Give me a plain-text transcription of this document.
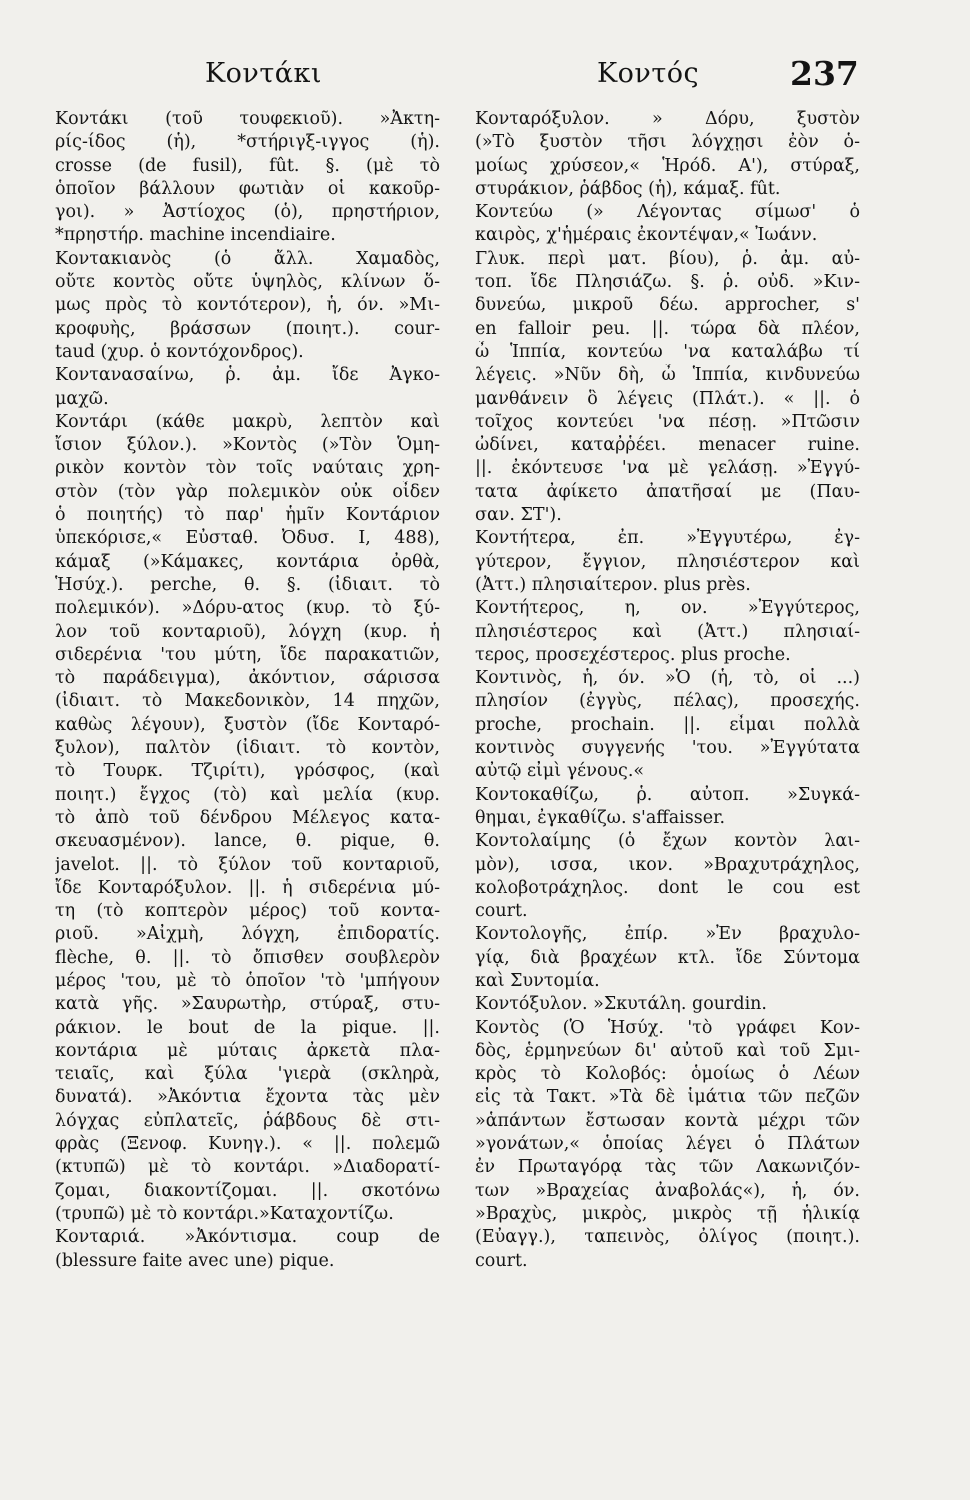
Κοντάκι	Κοντός	237
Κοντάκι (τοῦ τουφεκιοῦ). »Ἀκτη-
ρίς-ίδος (ἡ), *στήριγξ-ιγγος (ἡ).
crosse (de fusil), fût. §. (μὲ τὸ
ὁποῖον βάλλουν φωτιὰν οἱ κακοῦρ-
γοι). » Ἀστίοχος (ὁ), πρηστήριον,
*πρηστήρ. machine incendiaire.
Κοντακιανὸς (ὁ ἄλλ. Χαμαδὸς,
οὔτε κοντὸς οὔτε ὑψηλὸς, κλίνων ὅ-
μως πρὸς τὸ κοντότερον), ἡ, όν. »Μι-
κροφυὴς, βράσσων (ποιητ.). cour-
taud (χυρ. ὁ κοντόχονδρος).
Κοντανασαίνω, ῥ. ἀμ. ἴδε Ἀγκο-
μαχῶ.
Κοντάρι (κάθε μακρὺ, λεπτὸν καὶ
ἴσιον ξύλον.). »Κοντὸς (»Τὸν Ὁμη-
ρικὸν κοντὸν τὸν τοῖς ναύταις χρη-
στὸν (τὸν γὰρ πολεμικὸν οὐκ οἶδεν
ὁ ποιητής) τὸ παρ' ἡμῖν Κοντάριον
ὑπεκόρισε,« Εὐσταθ. Ὀδυσ. I, 488),
κάμαξ (»Κάμακες, κοντάρια ὀρθὰ,
Ἡσύχ.). perche, θ. §. (ἰδιαιτ. τὸ
πολεμικόν). »Δόρυ-ατος (κυρ. τὸ ξύ-
λον τοῦ κονταριοῦ), λόγχη (κυρ. ἡ
σιδερένια 'του μύτη, ἴδε παρακατιῶν,
τὸ παράδειγμα), ἀκόντιον, σάρισσα
(ἰδιαιτ. τὸ Μακεδονικὸν, 14 πηχῶν,
καθὼς λέγουν), ξυστὸν (ἴδε Κονταρό-
ξυλον), παλτὸν (ἰδιαιτ. τὸ κοντὸν,
τὸ Τουρκ. Τζιρίτι), γρόσφος, (καὶ
ποιητ.) ἔγχος (τὸ) καὶ μελία (κυρ.
τὸ ἀπὸ τοῦ δένδρου Μέλεγος κατα-
σκευασμένον). lance, θ. pique, θ.
javelot. ||. τὸ ξύλον τοῦ κονταριοῦ,
ἴδε Κονταρόξυλον. ||. ἡ σιδερένια μύ-
τη (τὸ κοπτερὸν μέρος) τοῦ κοντα-
ριοῦ. »Αἰχμὴ, λόγχη, ἐπιδορατίς.
flèche, θ. ||. τὸ ὄπισθεν σουβλερὸν
μέρος 'του, μὲ τὸ ὁποῖον 'τὸ 'μπήγουν
κατὰ γῆς. »Σαυρωτὴρ, στύραξ, στυ-
ράκιον. le bout de la pique. ||.
κοντάρια μὲ μύταις ἀρκετὰ πλα-
τειαῖς, καὶ ξύλα 'γιερὰ (σκληρὰ,
δυνατά). »Ἀκόντια ἔχοντα τὰς μὲν
λόγχας εὐπλατεῖς, ῥάβδους δὲ στι-
φρὰς (Ξενοφ. Κυνηγ.). « ||. πολεμῶ
(κτυπῶ) μὲ τὸ κοντάρι. »Διαδορατί-
ζομαι, διακοντίζομαι. ||. σκοτόνω
(τρυπῶ) μὲ τὸ κοντάρι.»Καταχοντίζω.
Κονταριά. »Ἀκόντισμα. coup de
(blessure faite avec une) pique.
Κονταρόξυλον. » Δόρυ, ξυστὸν
(»Τὸ ξυστὸν τῆσι λόγχῃσι ἐὸν ὁ-
μοίως χρύσεον,« Ἡρόδ. Α'), στύραξ,
στυράκιον, ῥάβδος (ἡ), κάμαξ. fût.
Κοντεύω (» Λέγοντας σίμωσ' ὁ
καιρὸς, χ'ἡμέραις ἐκοντέψαν,« Ἰωάνν.
Γλυκ. περὶ ματ. βίου), ῥ. ἀμ. αὐ-
τοπ. ἴδε Πλησιάζω. §. ῥ. οὐδ. »Κιν-
δυνεύω, μικροῦ δέω. approcher, s'
en falloir peu. ||. τώρα δὰ πλέον,
ὦ Ἱππία, κοντεύω 'να καταλάβω τί
λέγεις. »Νῦν δὴ, ὦ Ἱππία, κινδυνεύω
μανθάνειν ὃ λέγεις (Πλάτ.). « ||. ὁ
τοῖχος κοντεύει 'να πέσῃ. »Πτῶσιν
ὠδίνει, καταῤῥέει. menacer ruine.
||. ἐκόντευσε 'να μὲ γελάσῃ. »Ἐγγύ-
τατα ἀφίκετο ἀπατῆσαί με (Παυ-
σαν. ΣΤ').
Κοντήτερα, ἐπ. »Ἐγγυτέρω, ἐγ-
γύτερον, ἔγγιον, πλησιέστερον καὶ
(Ἀττ.) πλησιαίτερον. plus près.
Κοντήτερος, η, ον. »Ἐγγύτερος,
πλησιέστερος καὶ (Ἀττ.) πλησιαί-
τερος, προσεχέστερος. plus proche.
Κοντινὸς, ἡ, όν. »Ὁ (ἡ, τὸ, οἱ ...)
πλησίον (ἐγγὺς, πέλας), προσεχής.
proche, prochain. ||. εἶμαι πολλὰ
κοντινὸς συγγενής 'του. »Ἐγγύτατα
αὐτῷ εἰμὶ γένους.«
Κοντοκαθίζω, ῥ. αὐτοπ. »Συγκά-
θημαι, ἐγκαθίζω. s'affaisser.
Κοντολαίμης (ὁ ἔχων κοντὸν λαι-
μὸν), ισσα, ικον. »Βραχυτράχηλος,
κολοβοτράχηλος. dont le cou est
court.
Κοντολογῆς, ἐπίρ. »Ἐν βραχυλο-
γίᾳ, διὰ βραχέων κτλ. ἴδε Σύντομα
καὶ Συντομία.
Κοντόξυλον. »Σκυτάλη. gourdin.
Κοντὸς (Ὁ Ἡσύχ. 'τὸ γράφει Κον-
δὸς, ἑρμηνεύων δι' αὐτοῦ καὶ τοῦ Σμι-
κρὸς τὸ Κολοβός: ὁμοίως ὁ Λέων
εἰς τὰ Τακτ. »Τὰ δὲ ἱμάτια τῶν πεζῶν
»ἁπάντων ἔστωσαν κοντὰ μέχρι τῶν
»γονάτων,« ὁποίας λέγει ὁ Πλάτων
ἐν Πρωταγόρᾳ τὰς τῶν Λακωνιζόν-
των »Βραχείας ἀναβολάς«), ἡ, όν.
»Βραχὺς, μικρὸς, μικρὸς τῇ ἡλικίᾳ
(Εὐαγγ.), ταπεινὸς, ὀλίγος (ποιητ.).
court.
